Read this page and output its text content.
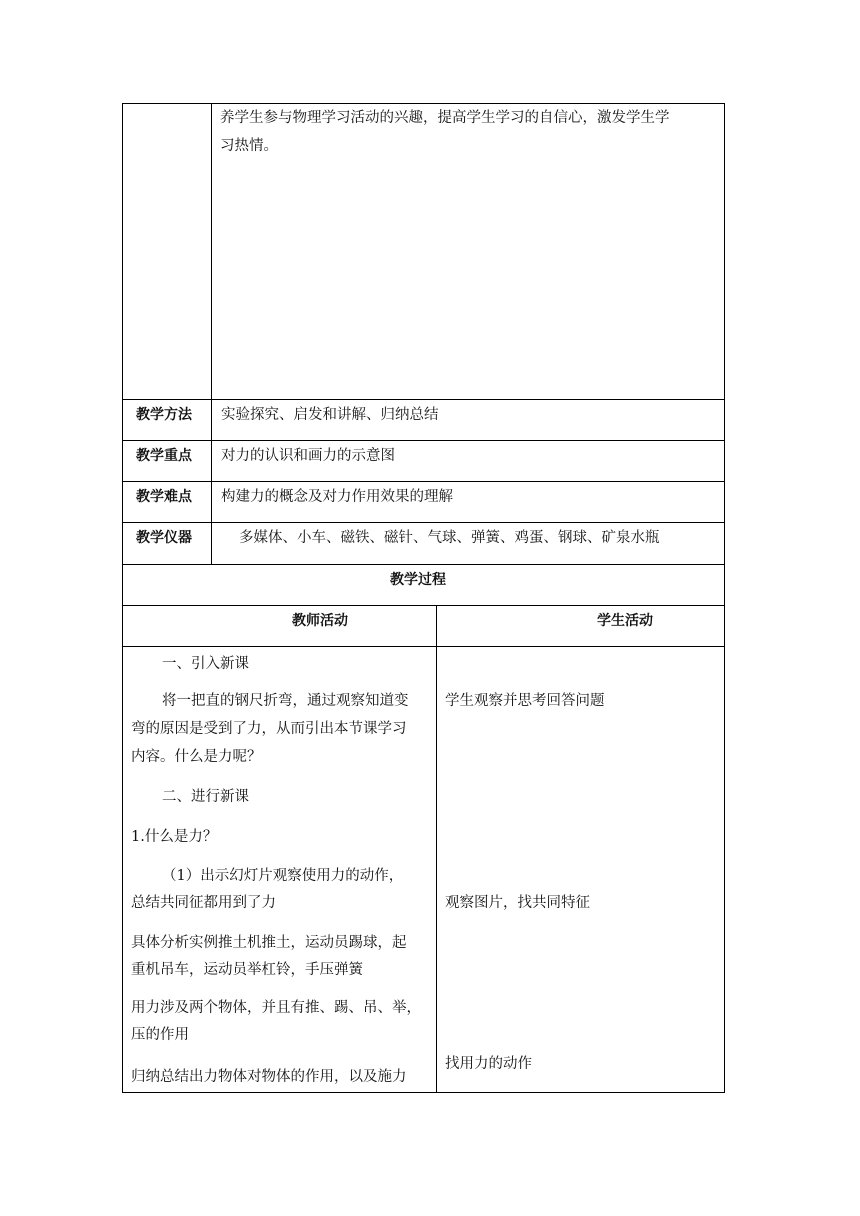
养学生参与物理学习活动的兴趣，提高学生学习的自信心，激发学生学
习热情。
教学方法 实验探究、启发和讲解、归纳总结
教学重点 对力的认识和画力的示意图
教学难点 构建力的概念及对力作用效果的理解
教学仪器	多媒体、小车、磁铁、磁针、气球、弹簧、鸡蛋、钢球、矿泉水瓶
教学过程
教师活动	学生活动
一、引入新课
将一把直的钢尺折弯，通过观察知道变
弯的原因是受到了力，从而引出本节课学习
内容。什么是力呢？
二、进行新课
1.什么是力？
（1）出示幻灯片观察使用力的动作，
总结共同征都用到了力
具体分析实例推土机推土，运动员踢球，起
重机吊车，运动员举杠铃，手压弹簧
用力涉及两个物体，并且有推、踢、吊、举，
压的作用
归纳总结出力物体对物体的作用，以及施力
学生观察并思考回答问题
观察图片，找共同特征
找用力的动作
